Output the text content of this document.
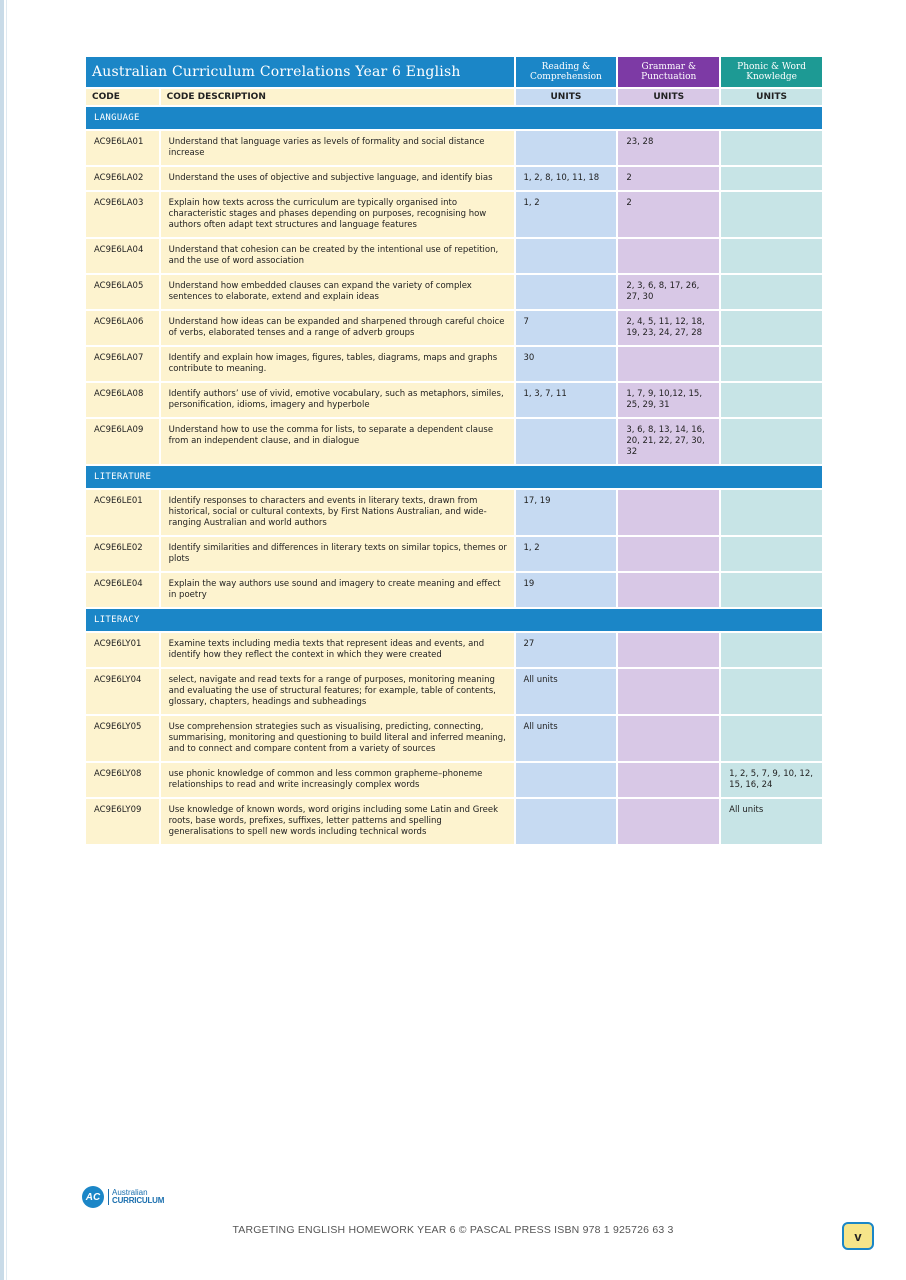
Australian Curriculum Correlations Year 6 English		Reading & Comprehension	Grammar & Punctuation	Phonic & Word Knowledge
CODE	CODE DESCRIPTION	UNITS	UNITS	UNITS
LANGUAGE				
AC9E6LA01	Understand that language varies as levels of formality and social distance increase		23, 28	
AC9E6LA02	Understand the uses of objective and subjective language, and identify bias	1, 2, 8, 10, 11, 18	2	
AC9E6LA03	Explain how texts across the curriculum are typically organised into characteristic stages and phases depending on purposes, recognising how authors often adapt text structures and language features	1, 2	2	
AC9E6LA04	Understand that cohesion can be created by the intentional use of repetition, and the use of word association			
AC9E6LA05	Understand how embedded clauses can expand the variety of complex sentences to elaborate, extend and explain ideas		2, 3, 6, 8, 17, 26, 27, 30	
AC9E6LA06	Understand how ideas can be expanded and sharpened through careful choice of verbs, elaborated tenses and a range of adverb groups	7	2, 4, 5, 11, 12, 18, 19, 23, 24, 27, 28	
AC9E6LA07	Identify and explain how images, figures, tables, diagrams, maps and graphs contribute to meaning.	30		
AC9E6LA08	Identify authors’ use of vivid, emotive vocabulary, such as metaphors, similes, personification, idioms, imagery and hyperbole	1, 3, 7, 11	1, 7, 9, 10,12, 15, 25, 29, 31	
AC9E6LA09	Understand how to use the comma for lists, to separate a dependent clause from an independent clause, and in dialogue		3, 6, 8, 13, 14, 16, 20, 21, 22, 27, 30, 32	
LITERATURE				
AC9E6LE01	Identify responses to characters and events in literary texts, drawn from historical, social or cultural contexts, by First Nations Australian, and wide-ranging Australian and world authors	17, 19		
AC9E6LE02	Identify similarities and differences in literary texts on similar topics, themes or plots	1, 2		
AC9E6LE04	Explain the way authors use sound and imagery to create meaning and effect in poetry	19		
LITERACY				
AC9E6LY01	Examine texts including media texts that represent ideas and events, and identify how they reflect the context in which they were created	27		
AC9E6LY04	select, navigate and read texts for a range of purposes, monitoring meaning and evaluating the use of structural features; for example, table of contents, glossary, chapters, headings and subheadings	All units		
AC9E6LY05	Use comprehension strategies such as visualising, predicting, connecting, summarising, monitoring and questioning to build literal and inferred meaning, and to connect and compare content from a variety of sources	All units		
AC9E6LY08	use phonic knowledge of common and less common grapheme–phoneme relationships to read and write increasingly complex words			1, 2, 5, 7, 9, 10, 12, 15, 16, 24
AC9E6LY09	Use knowledge of known words, word origins including some Latin and Greek roots, base words, prefixes, suffixes, letter patterns and spelling generalisations to spell new words including technical words			All units
AC	Australian
CURRICULUM
TARGETING ENGLISH HOMEWORK YEAR 6 © PASCAL PRESS ISBN 978 1 925726 63 3	v
